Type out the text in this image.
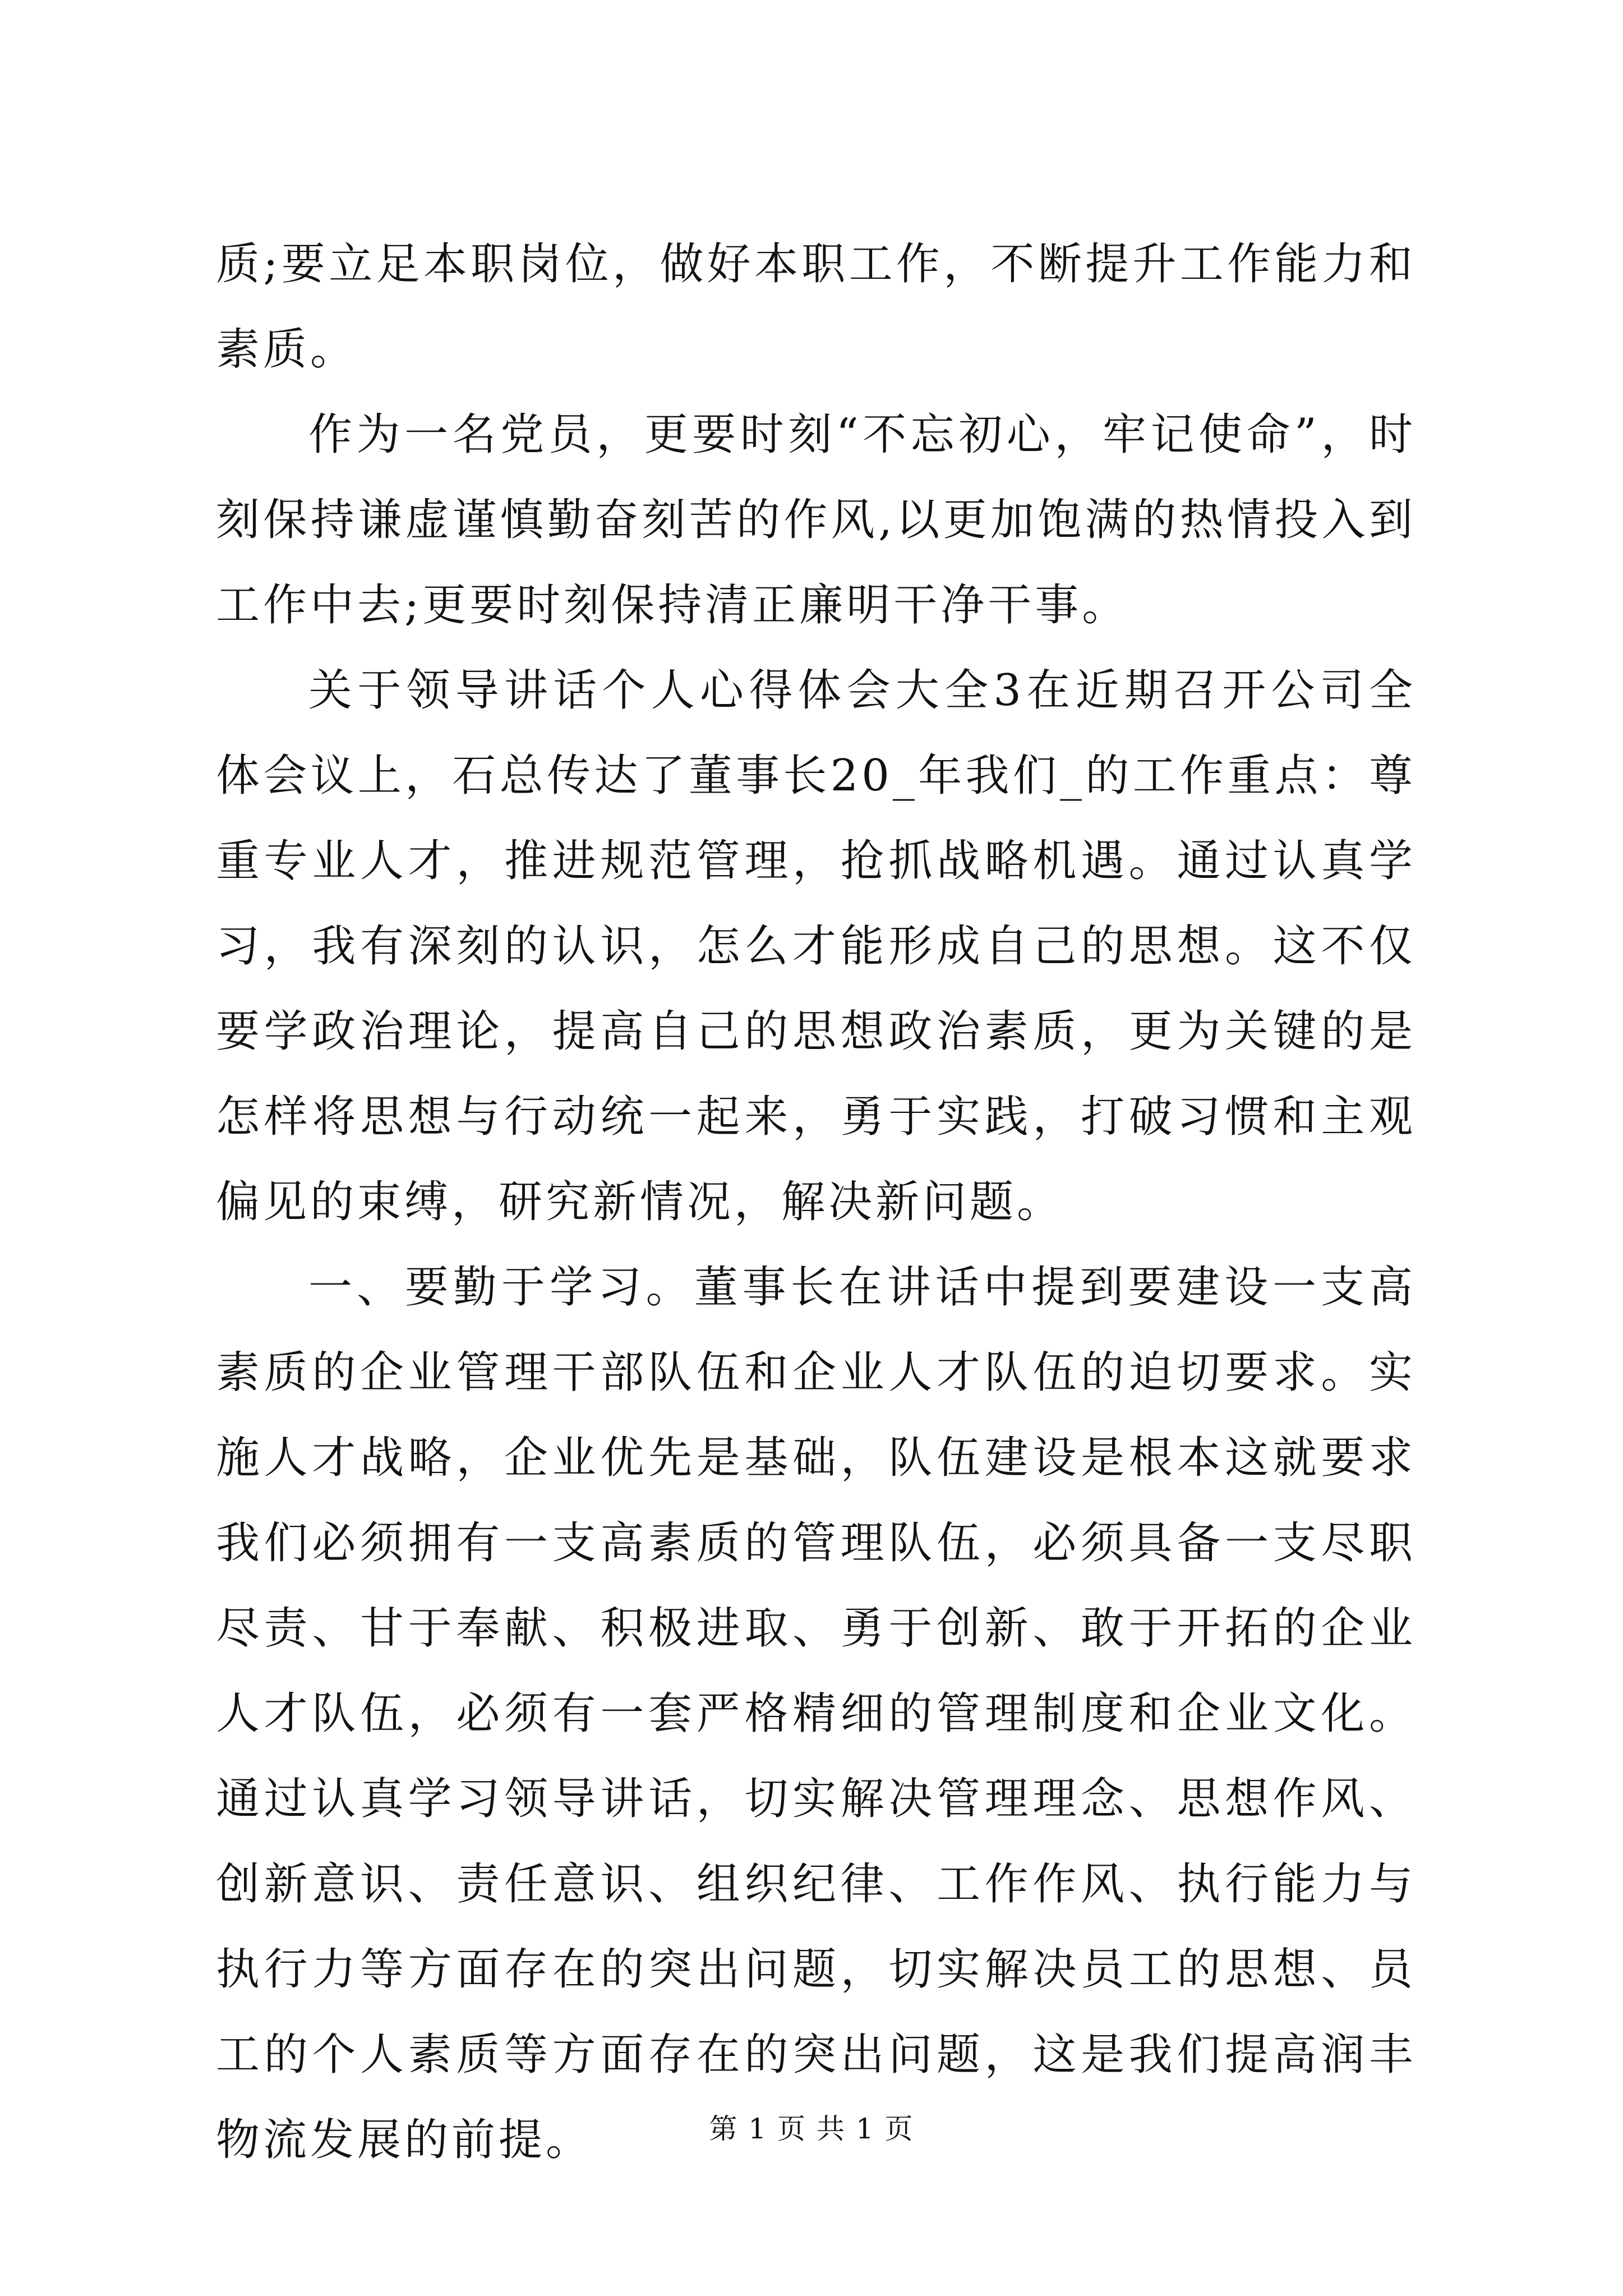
质;要立足本职岗位，做好本职工作，不断提升工作能力和素质。

作为一名党员，更要时刻“不忘初心，牢记使命”，时刻保持谦虚谨慎勤奋刻苦的作风,以更加饱满的热情投入到工作中去;更要时刻保持清正廉明干净干事。

关于领导讲话个人心得体会大全3在近期召开公司全体会议上，石总传达了董事长20_年我们_的工作重点：尊重专业人才，推进规范管理，抢抓战略机遇。通过认真学习，我有深刻的认识，怎么才能形成自己的思想。这不仅要学政治理论，提高自己的思想政治素质，更为关键的是怎样将思想与行动统一起来，勇于实践，打破习惯和主观偏见的束缚，研究新情况，解决新问题。

一、要勤于学习。董事长在讲话中提到要建设一支高素质的企业管理干部队伍和企业人才队伍的迫切要求。实施人才战略，企业优先是基础，队伍建设是根本这就要求我们必须拥有一支高素质的管理队伍，必须具备一支尽职尽责、甘于奉献、积极进取、勇于创新、敢于开拓的企业人才队伍，必须有一套严格精细的管理制度和企业文化。通过认真学习领导讲话，切实解决管理理念、思想作风、创新意识、责任意识、组织纪律、工作作风、执行能力与执行力等方面存在的突出问题，切实解决员工的思想、员工的个人素质等方面存在的突出问题，这是我们提高润丰物流发展的前提。	第 1 页 共 1 页
